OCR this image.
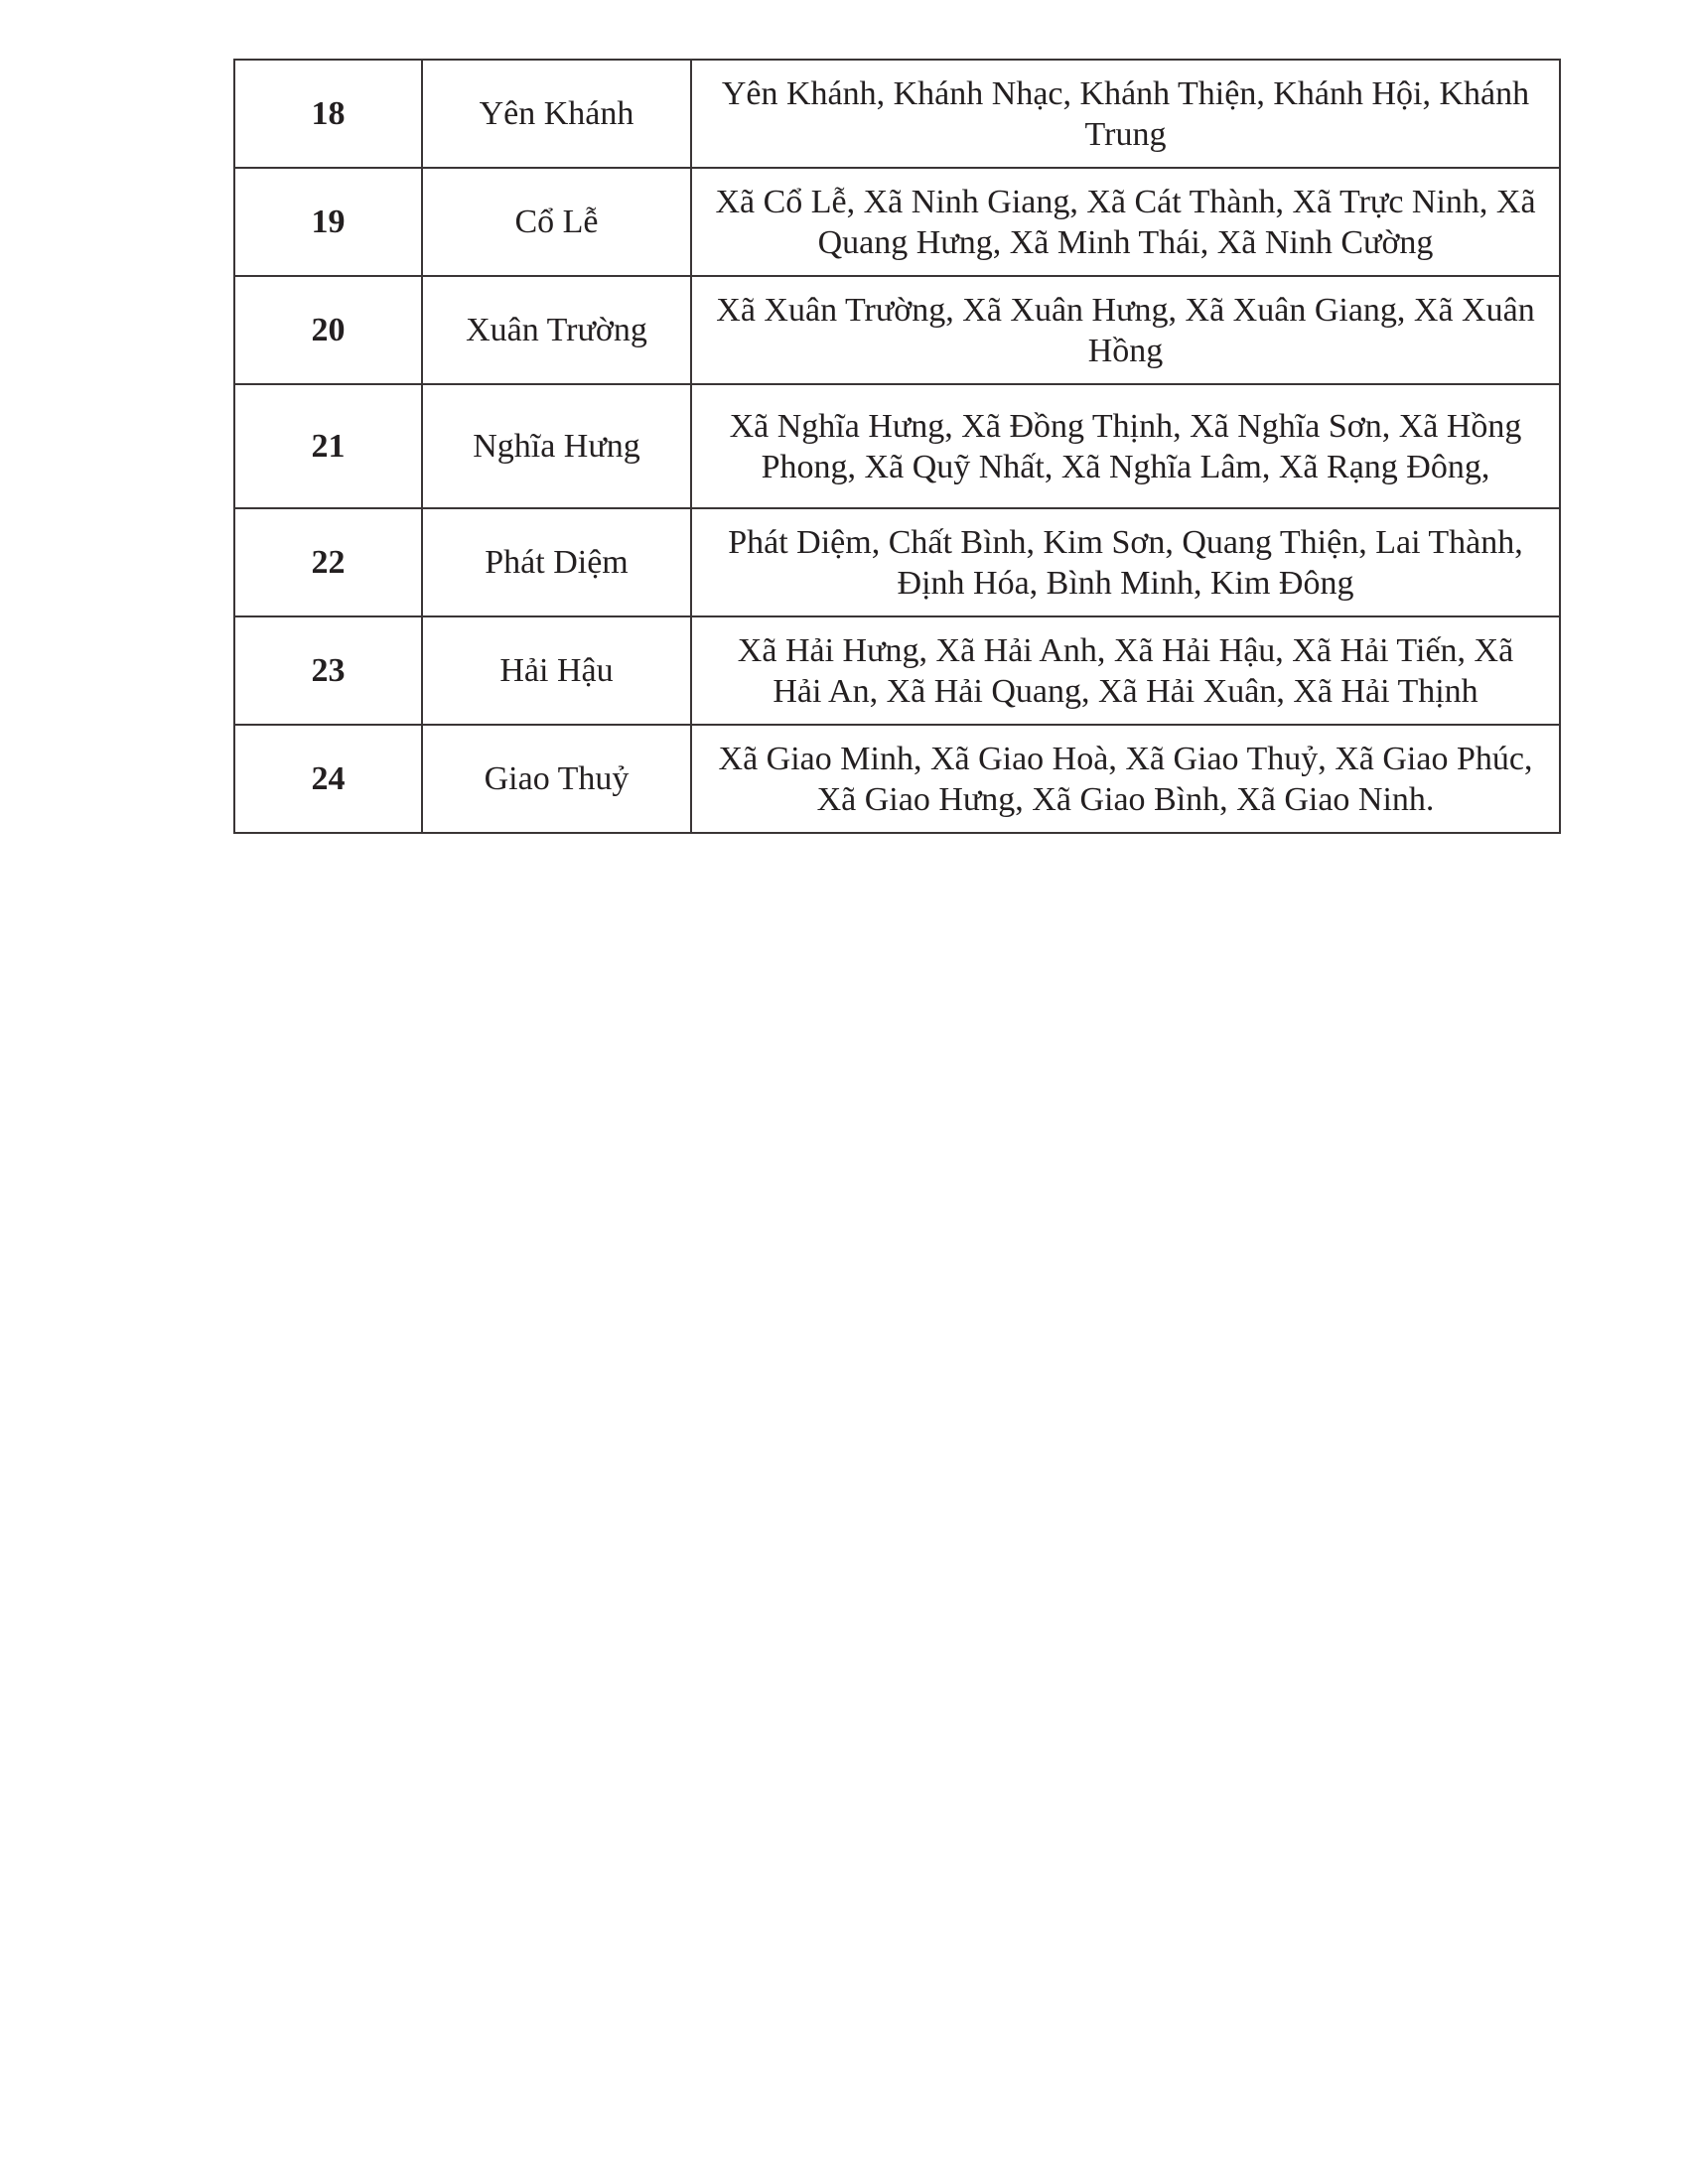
18	Yên Khánh	Yên Khánh, Khánh Nhạc, Khánh Thiện, Khánh Hội, Khánh Trung
19	Cổ Lễ	Xã Cổ Lễ, Xã Ninh Giang, Xã Cát Thành, Xã Trực Ninh, Xã Quang Hưng, Xã Minh Thái, Xã Ninh Cường
20	Xuân Trường	Xã Xuân Trường, Xã Xuân Hưng, Xã Xuân Giang, Xã Xuân Hồng
21	Nghĩa Hưng	Xã Nghĩa Hưng, Xã Đồng Thịnh, Xã Nghĩa Sơn, Xã Hồng Phong, Xã Quỹ Nhất, Xã Nghĩa Lâm, Xã Rạng Đông,
22	Phát Diệm	Phát Diệm, Chất Bình, Kim Sơn, Quang Thiện, Lai Thành, Định Hóa, Bình Minh, Kim Đông
23	Hải Hậu	Xã Hải Hưng, Xã Hải Anh, Xã Hải Hậu, Xã Hải Tiến, Xã Hải An, Xã Hải Quang, Xã Hải Xuân, Xã Hải Thịnh
24	Giao Thuỷ	Xã Giao Minh, Xã Giao Hoà, Xã Giao Thuỷ, Xã Giao Phúc, Xã Giao Hưng, Xã Giao Bình, Xã Giao Ninh.
